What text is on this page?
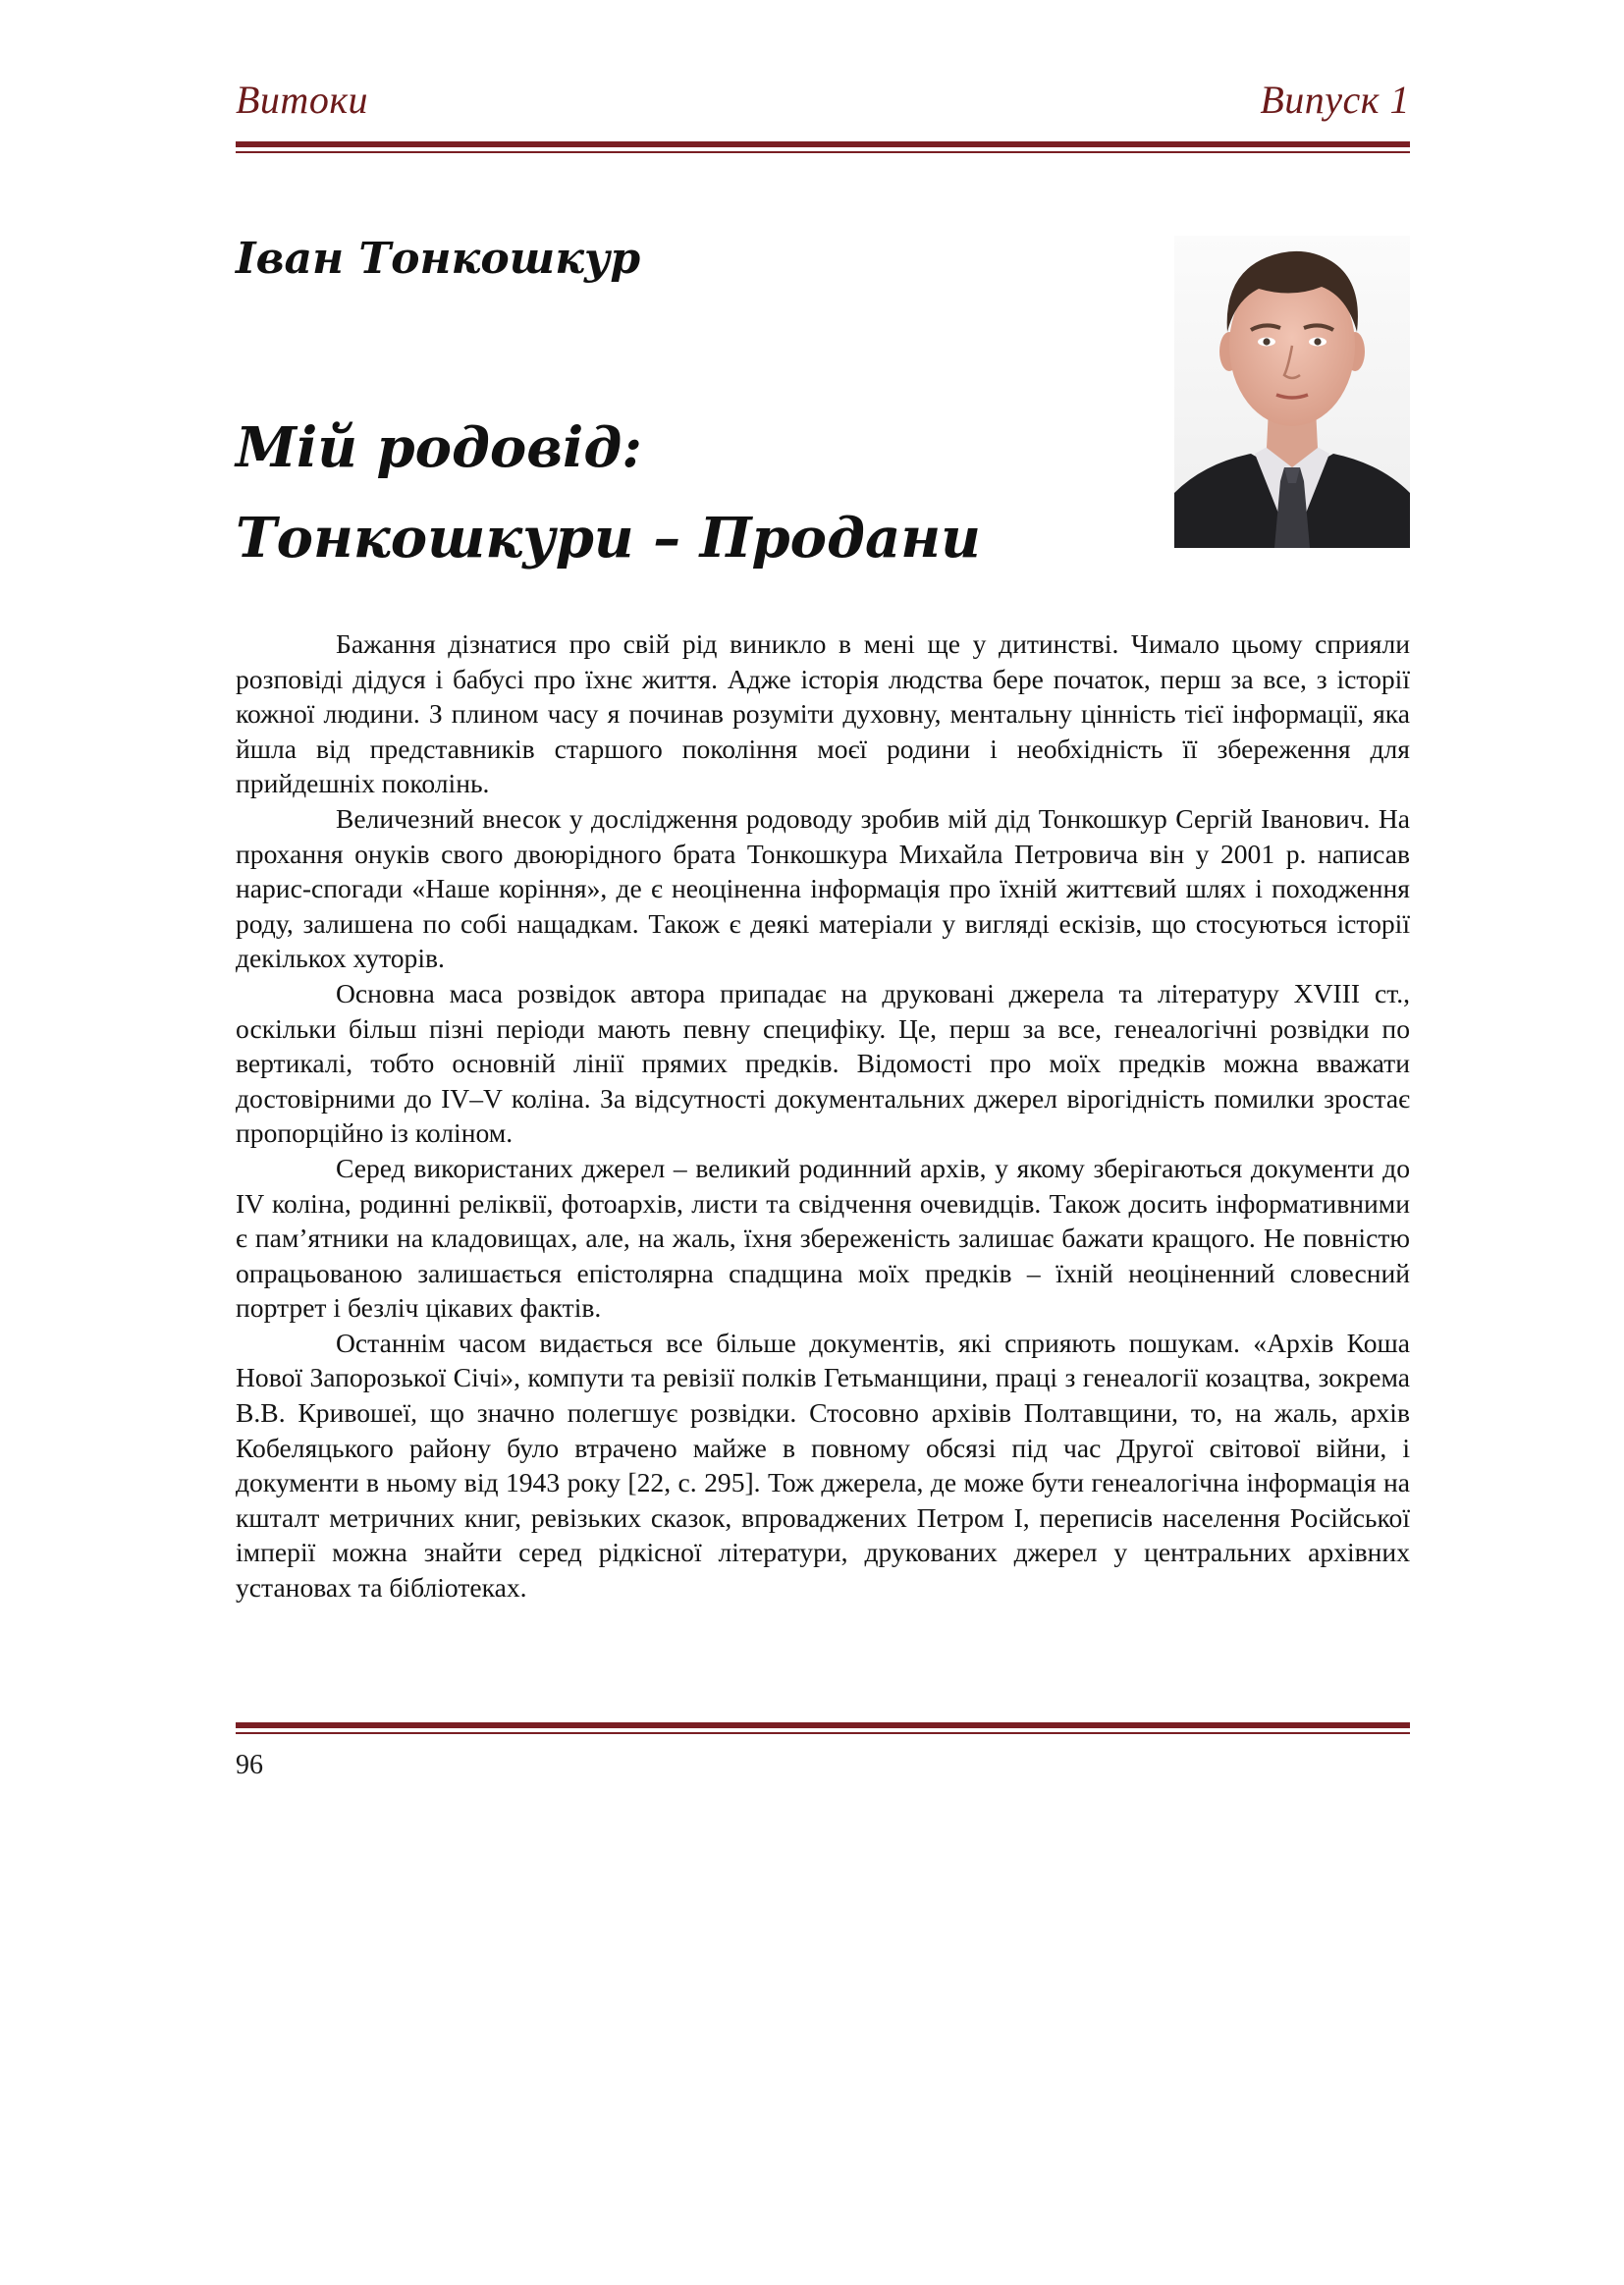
Витоки	Випуск 1
Іван Тонкошкур
Мій родовід:
Тонкошкури – Продани

Бажання дізнатися про свій рід виникло в мені ще у дитинстві. Чимало цьому сприяли розповіді дідуся і бабусі про їхнє життя. Адже історія людства бере початок, перш за все, з історії кожної людини. З плином часу я починав розуміти духовну, ментальну цінність тієї інформації, яка йшла від представників старшого покоління моєї родини і необхідність її збереження для прийдешніх поколінь.

Величезний внесок у дослідження родоводу зробив мій дід Тонкошкур Сергій Іванович. На прохання онуків свого двоюрідного брата Тонкошкура Михайла Петровича він у 2001 р. написав нарис-спогади «Наше коріння», де є неоціненна інформація про їхній життєвий шлях і походження роду, залишена по собі нащадкам. Також є деякі матеріали у вигляді ескізів, що стосуються історії декількох хуторів.

Основна маса розвідок автора припадає на друковані джерела та літературу XVIII ст., оскільки більш пізні періоди мають певну специфіку. Це, перш за все, генеалогічні розвідки по вертикалі, тобто основній лінії прямих предків. Відомості про моїх предків можна вважати достовірними до IV–V коліна. За відсутності документальних джерел вірогідність помилки зростає пропорційно із коліном.

Серед використаних джерел – великий родинний архів, у якому зберігаються документи до IV коліна, родинні реліквії, фотоархів, листи та свідчення очевидців. Також досить інформативними є пам’ятники на кладовищах, але, на жаль, їхня збереженість залишає бажати кращого. Не повністю опрацьованою залишається епістолярна спадщина моїх предків – їхній неоціненний словесний портрет і безліч цікавих фактів.

Останнім часом видається все більше документів, які сприяють пошукам. «Архів Коша Нової Запорозької Січі», компути та ревізії полків Гетьманщини, праці з генеалогії козацтва, зокрема В.В. Кривошеї, що значно полегшує розвідки. Стосовно архівів Полтавщини, то, на жаль, архів Кобеляцького району було втрачено майже в повному обсязі під час Другої світової війни, і документи в ньому від 1943 року [22, с. 295]. Тож джерела, де може бути генеалогічна інформація на кшталт метричних книг, ревізьких сказок, впроваджених Петром І, переписів населення Російської імперії можна знайти серед рідкісної літератури, друкованих джерел у центральних архівних установах та бібліотеках.

96
